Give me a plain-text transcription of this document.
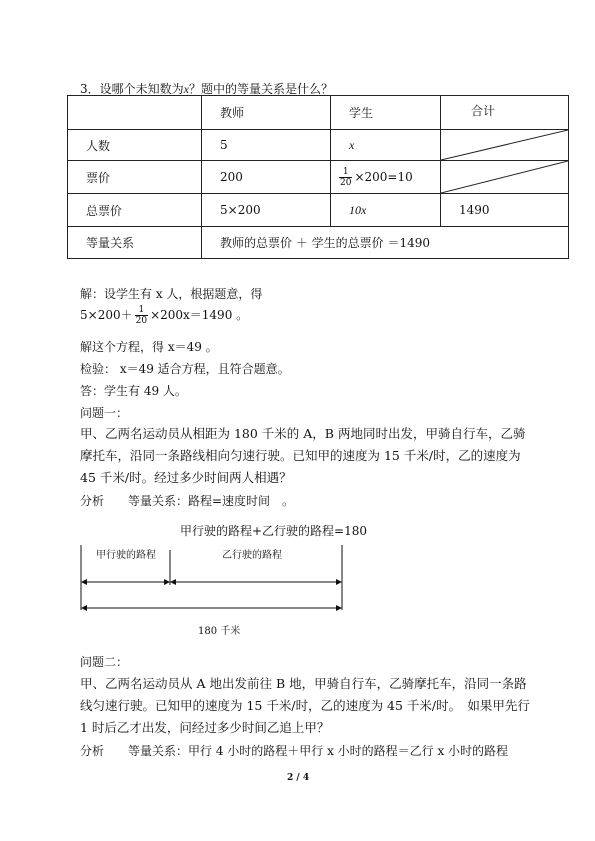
3．设哪个未知数为x？题中的等量关系是什么？
	教师	学生	合计
人数	5	x	

票价	200	$\frac{1}{20} \times 200=10$	

总票价	5×200	10x	1490
等量关系	教师的总票价 ＋ 学生的总票价 ＝1490		
解：设学生有 x 人，根据题意，得
$5\times 200+ \frac{1}{20} \times 200x=1490$ 。
解这个方程，得 x＝49 。
检验： x＝49 适合方程，且符合题意。
答：学生有 49 人。
问题一：

甲、乙两名运动员从相距为 180 千米的 A，B 两地同时出发，甲骑自行车，乙骑摩托车，沿同一条路线相向匀速行驶。已知甲的速度为 15 千米/时，乙的速度为 45 千米/时。经过多少时间两人相遇？

分析　　等量关系：路程=速度时间　。
甲行驶的路程+乙行驶的路程=180
甲行驶的路程	乙行驶的路程
180 千米
问题二：

甲、乙两名运动员从 A 地出发前往 B 地，甲骑自行车，乙骑摩托车，沿同一条路线匀速行驶。已知甲的速度为 15 千米/时，乙的速度为 45 千米/时。　如果甲先行 1 时后乙才出发，问经过多少时间乙追上甲？

分析　　等量关系：甲行 4 小时的路程＋甲行 x 小时的路程＝乙行 x 小时的路程
2 / 4
